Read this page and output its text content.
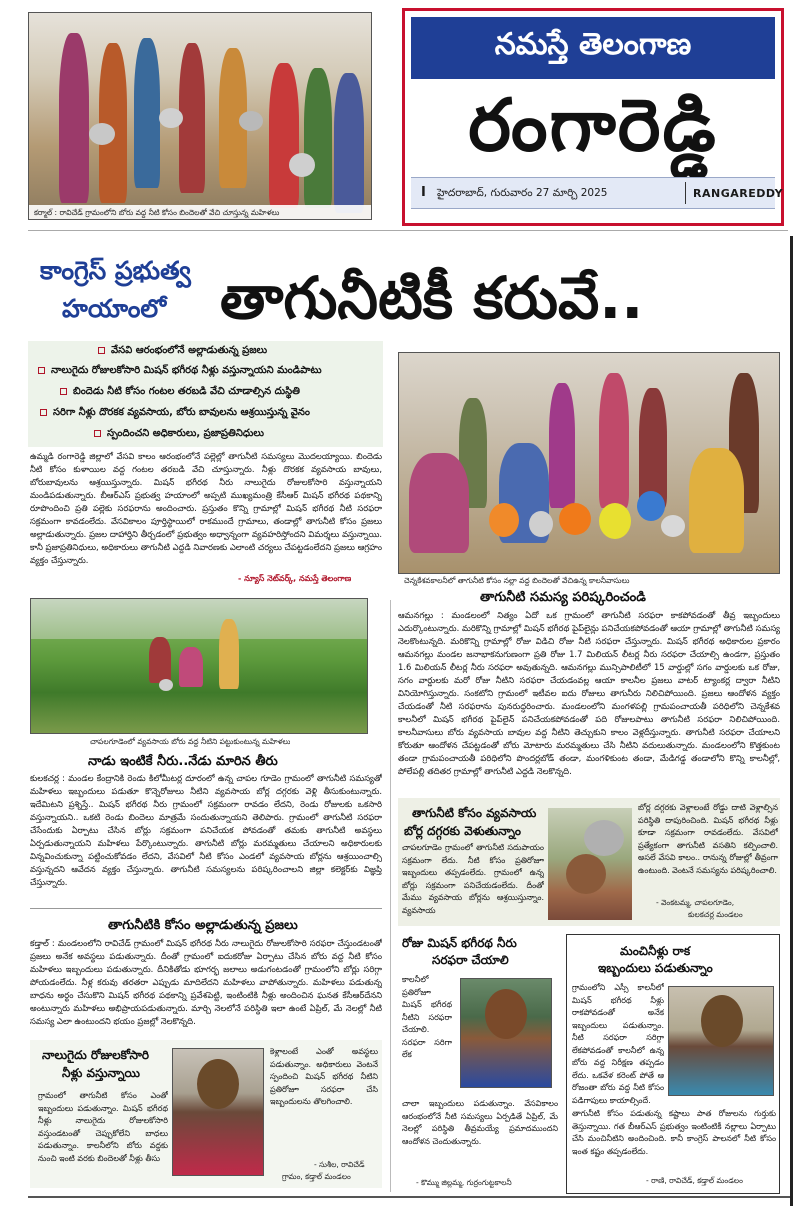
కర్మాల్ : రావిచేడ్ గ్రామంలోని బోరు వద్ద నీటి కోసం బిందెలతో వేచి చూస్తున్న మహిళలు
నమస్తే తెలంగాణ
రంగారెడ్డి
I హైదరాబాద్, గురువారం 27 మార్చి 2025	RANGAREDDY
కాంగ్రెస్ ప్రభుత్వ
హయాంలో తాగునీటికీ కరువే..
వేసవి ఆరంభంలోనే అల్లాడుతున్న ప్రజలు
నాలుగైదు రోజులకోసారి మిషన్ భగీరథ నీళ్లు వస్తున్నాయని మండిపాటు
బిందెడు నీటి కోసం గంటల తరబడి వేచి చూడాల్సిన దుస్థితి
సరిగా నీళ్లు దొరకక వ్యవసాయ, బోరు బావులను ఆశ్రయిస్తున్న వైనం
స్పందించని అధికారులు, ప్రజాప్రతినిధులు
ఉమ్మడి రంగారెడ్డి జిల్లాలో వేసవి కాలం ఆరంభంలోనే పల్లెల్లో తాగునీటి సమస్యలు మొదలయ్యాయి. బిందెడు నీటి కోసం కుళాయిల వద్ద గంటల తరబడి వేచి చూస్తున్నారు. నీళ్లు దొరకక వ్యవసాయ బావులు, బోరుబావులను ఆశ్రయిస్తున్నారు. మిషన్ భగీరథ నీరు నాలుగైదు రోజులకోసారి వస్తున్నాయని మండిపడుతున్నారు. బీఆర్ఎస్ ప్రభుత్వ హయాంలో అప్పటి ముఖ్యమంత్రి కేసీఆర్ మిషన్ భగీరథ పథకాన్ని రూపొందించి ప్రతి పల్లెకు సరఫరాను అందించారు. ప్రస్తుతం కొన్ని గ్రామాల్లో మిషన్ భగీరథ నీటి సరఫరా సక్రమంగా కావడంలేదు. వేసవికాలం పూర్తిస్థాయిలో రాకముందే గ్రామాలు, తండాల్లో తాగునీటి కోసం ప్రజలు అల్లాడుతున్నారు. ప్రజల దాహార్తిని తీర్చడంలో ప్రభుత్వం అధ్వాన్నంగా వ్యవహరిస్తోందని విమర్శలు వస్తున్నాయి. కానీ ప్రజాప్రతినిధులు, అధికారులు తాగునీటి ఎద్దడి నివారణకు ఎలాంటి చర్యలు చేపట్టడంలేదని ప్రజలు ఆగ్రహం వ్యక్తం చేస్తున్నారు.
- న్యూస్ నెట్‌వర్క్, నమస్తే తెలంగాణ	చెన్నకేశవకాలనీలో తాగునీటి కోసం నల్లా వద్ద బిందెలతో వేచిఉన్న కాలనీవాసులు
తాగునీటి సమస్య పరిష్కరించండి
ఆమనగల్లు : మండలంలో నిత్యం ఏదో ఒక గ్రామంలో తాగునీటి సరఫరా కాకపోవడంతో తీవ్ర ఇబ్బందులు ఎదుర్కొంటున్నారు. మరికొన్ని గ్రామాల్లో మిషన్ భగీరథ పైప్‌లైన్లు పనిచేయకపోవడంతో ఆయా గ్రామాల్లో తాగునీటి సమస్య నెలకొంటున్నది. మరికొన్ని గ్రామాల్లో రోజు విడిచి రోజు నీటి సరఫరా చేస్తున్నారు. మిషన్ భగీరథ అధికారుల ప్రకారం ఆమనగల్లు మండల జనాభాకనుగుణంగా ప్రతి రోజు 1.7 మిలియన్ లీటర్ల నీరు సరఫరా చేయాల్సి ఉండగా, ప్రస్తుతం 1.6 మిలియన్ లీటర్ల నీరు సరఫరా అవుతున్నది. ఆమనగల్లు మున్సిపాలిటీలో 15 వార్డుల్లో సగం వార్డులకు ఒక రోజు, సగం వార్డులకు మరో రోజు నీటిని సరఫరా చేయడంవల్ల ఆయా కాలనీల ప్రజలు వాటర్ ట్యాంకర్ల ద్వారా నీటిని వినియోగిస్తున్నారు. సంకటోని గ్రామంలో ఇటీవల ఐదు రోజులు తాగునీరు నిలిచిపోయింది. ప్రజలు ఆందోళన వ్యక్తం చేయడంతో నీటి సరఫరాను పునరుద్ధరించారు. మండలంలోని మంగళపల్లి గ్రామపంచాయతీ పరిధిలోని చెన్నకేశవ కాలనీలో మిషన్ భగీరథ పైప్‌లైన్ పనిచేయకపోవడంతో పది రోజులపాటు తాగునీటి సరఫరా నిలిచిపోయింది. కాలనీవాసులు బోరు వ్యవసాయ బావుల వద్ద నీటిని తెచ్చుకుని కాలం వెళ్లదీస్తున్నారు. తాగునీటి సరఫరా చేయాలని కోరుతూ ఆందోళన చేపట్టడంతో బోరు మోటారు మరమ్మతులు చేసి నీటిని వదులుతున్నారు. మండలంలోని కొత్తకుంట తండా గ్రామపంచాయతీ పరిధిలోని పొందర్లబోడ్ తండా, మంగళికుంట తండా, మేడిగడ్డ తండాలోని కొన్ని కాలనీల్లో, పోలేపల్లి తదితర గ్రామాల్లో తాగునీటి ఎద్దడి నెలకొన్నది.
చాపలగూడెంలో వ్యవసాయ బోరు వద్ద నీటిని పట్టుకుంటున్న మహిళలు
నాడు ఇంటికే నీరు..నేడు మారిన తీరు
కులకచర్ల : మండల కేంద్రానికి రెండు కిలోమీటర్ల దూరంలో ఉన్న చాపల గూడెం గ్రామంలో తాగునీటి సమస్యతో మహిళలు ఇబ్బందులు పడుతూ కొన్నెరోజులు నీటిని వ్యవసాయ బోర్ల దగ్గరకు వెళ్లి తీసుకుంటున్నారు. ఇదేమిటని ప్రశ్నిస్తే.. మిషన్ భగీరథ నీరు గ్రామంలో సక్రమంగా రావడం లేదని, రెండు రోజులకు ఒకసారి వస్తున్నాయని.. ఒకటి రెండు బిందెలు మాత్రమే సందుతున్నాయని తెలిపారు. గ్రామంలో తాగునీటి సరఫరా చేసేందుకు ఏర్పాటు చేసిన బోర్లు సక్రమంగా పనిచేయక పోవడంతో తమకు తాగునీటి అవస్థలు ఏర్పడుతున్నాయని మహిళలు పేర్కొంటున్నారు. తాగునీటి బోర్లు మరమ్మతులు చేయాలని అధికారులకు విన్నవించుకున్నా పట్టించుకోవడం లేదని, వేసవిలో నీటి కోసం ఎండలో వ్యవసాయ బోర్లను ఆశ్రయించాల్సి వస్తున్నదని ఆవేదన వ్యక్తం చేస్తున్నారు. తాగునీటి సమస్యలను పరిష్కరించాలని జిల్లా కలెక్టర్‌కు విజ్ఞప్తి చేస్తున్నారు.
తాగునీటికి కోసం అల్లాడుతున్న ప్రజలు
కడ్తాల్ : మండలంలోని రావిచేడ్ గ్రామంలో మిషన్ భగీరథ నీరు నాలుగైదు రోజులకోసారి సరఫరా చేస్తుండటంతో ప్రజలు అనేక అవస్థలు పడుతున్నారు. దీంతో గ్రామంలో ఐదుకరోజు ఏర్పాటు చేసిన బోరు వద్ద నీటి కోసం మహిళలు ఇబ్బందులు పడుతున్నారు. దీనికితోడు భూగర్భ జలాలు అడుగంటడంతో గ్రామంలోని బోర్లు సరిగ్గా పోయడంలేదు. నీళ్ల కరువు తరతరా ఎప్పుడు మాదిలేదని మహిళలు వాపోతున్నారు. మహిళలు పడుతున్న బాధను అర్థం చేసుకొని మిషన్ భగీరథ పథకాన్ని ప్రవేశపెట్టి, ఇంటింటికి నీళ్లు అందించిన ఘనత కేసీఆర్‌దేనని అంటున్నారు మహిళలు అభిప్రాయపడుతున్నారు. మార్చి నెలలోనే పరిస్థితి ఇలా ఉంటే ఏప్రిల్, మే నెలల్లో నీటి సమస్య ఎలా ఉంటుందని భయం ప్రజల్లో నెలకొన్నది.
తాగునీటి కోసం వ్యవసాయ
బోర్ల దగ్గరకు వెళుతున్నాం
చాపలగూడెం గ్రామంలో తాగునీటి సదుపాయం సక్రమంగా లేదు. నీటి కోసం ప్రతిరోజూ ఇబ్బందులు తప్పడంలేదు. గ్రామంలో ఉన్న బోర్లు సక్రమంగా పనిచేయడంలేదు. దీంతో మేము వ్యవసాయ బోర్లను ఆశ్రయిస్తున్నాం. వ్యవసాయ
బోర్ల దగ్గరకు వెళ్లాలంటే రోడ్డు దాటి వెళ్లాల్సిన పరిస్థితి దాపురించింది. మిషన్ భగీరథ నీళ్లు కూడా సక్రమంగా రావడంలేదు. వేసవిలో ప్రత్యేకంగా తాగునీటి వసతిని కల్పించాలి. అసలే వేసవి కాలం.. రానున్న రోజుల్లో తీవ్రంగా ఉంటుంది. వెంటనే సమస్యను పరిష్కరించాలి.
- వెంకటమ్మ, చాపలగూడెం,
కులకచర్ల మండలం
రోజు మిషన్ భగీరథ నీరు
సరఫరా చేయాలి
కాలనీలో ప్రతిరోజూ మిషన్ భగీరథ నీటిని సరఫరా చేయాలి. సరఫరా సరిగా లేక
చాలా ఇబ్బందులు పడుతున్నాం. వేసవికాలం ఆరంభంలోనే నీటి సమస్యలు ఏర్పడితే ఏప్రిల్, మే నెలల్లో పరిస్థితి తీవ్రమయ్యే ప్రమాదముందని ఆందోళన చెందుతున్నారు.
- కొమ్ము జిల్లమ్మ, గుర్రంగుట్టకాలనీ
మంచినీళ్లు రాక
ఇబ్బందులు పడుతున్నాం
గ్రామంలోని ఎస్సీ కాలనీలో మిషన్ భగీరథ నీళ్లు రాకపోవడంతో అనేక ఇబ్బందులు పడుతున్నాం. నీటి సరఫరా సరిగ్గా లేకపోవడంతో కాలనీలో ఉన్న బోరు వద్ద నిరీక్షణ తప్పడం లేదు. ఒకవేళ కరెంట్ పోతే ఆ రోజంతా బోరు వద్ద నీటి కోసం పడిగాపులు కాయాల్సిందే.
తాగునీటి కోసం పడుతున్న కష్టాలు పాత రోజులను గుర్తుకు తెస్తున్నాయి. గత బీఆర్ఎస్ ప్రభుత్వం ఇంటింటికీ నల్లాలు ఏర్పాటు చేసి మంచినీటిని అందించింది. కానీ కాంగ్రెస్ పాలనలో నీటి కోసం ఇంత కష్టం తప్పడంలేదు.
- రాణి, రావిచేడ్, కడ్తాల్ మండలం
నాలుగైదు రోజులకోసారి
నీళ్లు వస్తున్నాయి
గ్రామంలో తాగునీటి కోసం ఎంతో ఇబ్బందులు పడుతున్నాం. మిషన్ భగీరథ నీళ్లు నాలుగైదు రోజులకోసారి వస్తుండటంతో చెప్పుకోలేని బాధలు పడుతున్నాం. కాలనీలోని బోరు వద్దకు నుంచి ఇంటి వరకు బిందెలతో నీళ్లు తీసు
కెళ్లాలంటే ఎంతో అవస్థలు పడుతున్నాం. అధికారులు వెంటనే స్పందించి మిషన్ భగీరథ నీటిని ప్రతిరోజూ సరఫరా చేసి ఇబ్బందులను తొలగించాలి.
- సుశీల, రావిచేడ్
గ్రామం, కడ్తాల్ మండలం
